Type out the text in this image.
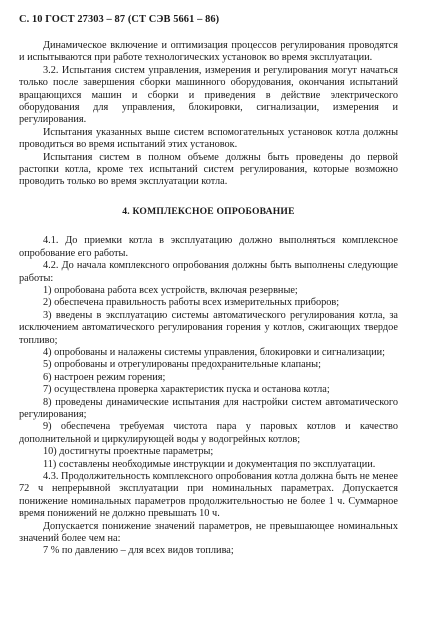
С. 10 ГОСТ 27303 – 87 (СТ СЭВ 5661 – 86)

Динамическое включение и оптимизация процессов регулирования проводятся и испытываются при работе технологических установок во время эксплуатации.

3.2. Испытания систем управления, измерения и регулирования могут начаться только после завершения сборки машинного оборудования, окончания испытаний вращающихся машин и сборки и приведения в действие электрического оборудования для управления, блокировки, сигнализации, измерения и регулирования.

Испытания указанных выше систем вспомогательных установок котла должны проводиться во время испытаний этих установок.

Испытания систем в полном объеме должны быть проведены до первой растопки котла, кроме тех испытаний систем регулирования, которые возможно проводить только во время эксплуатации котла.

4. КОМПЛЕКСНОЕ ОПРОБОВАНИЕ

4.1. До приемки котла в эксплуатацию должно выполняться комплексное опробование его работы.

4.2. До начала комплексного опробования должны быть выполнены следующие работы:

1) опробована работа всех устройств, включая резервные;

2) обеспечена правильность работы всех измерительных приборов;

3) введены в эксплуатацию системы автоматического регулирования котла, за исключением автоматического регулирования горения у котлов, сжигающих твердое топливо;

4) опробованы и налажены системы управления, блокировки и сигнализации;

5) опробованы и отрегулированы предохранительные клапаны;

6) настроен режим горения;

7) осуществлена проверка характеристик пуска и останова котла;

8) проведены динамические испытания для настройки систем автоматического регулирования;

9) обеспечена требуемая чистота пара у паровых котлов и качество дополнительной и циркулирующей воды у водогрейных котлов;

10) достигнуты проектные параметры;

11) составлены необходимые инструкции и документация по эксплуатации.

4.3. Продолжительность комплексного опробования котла должна быть не менее 72 ч непрерывной эксплуатации при номинальных параметрах. Допускается понижение номинальных параметров продолжительностью не более 1 ч. Суммарное время понижений не должно превышать 10 ч.

Допускается понижение значений параметров, не превышающее номинальных значений более чем на:

7 % по давлению – для всех видов топлива;
